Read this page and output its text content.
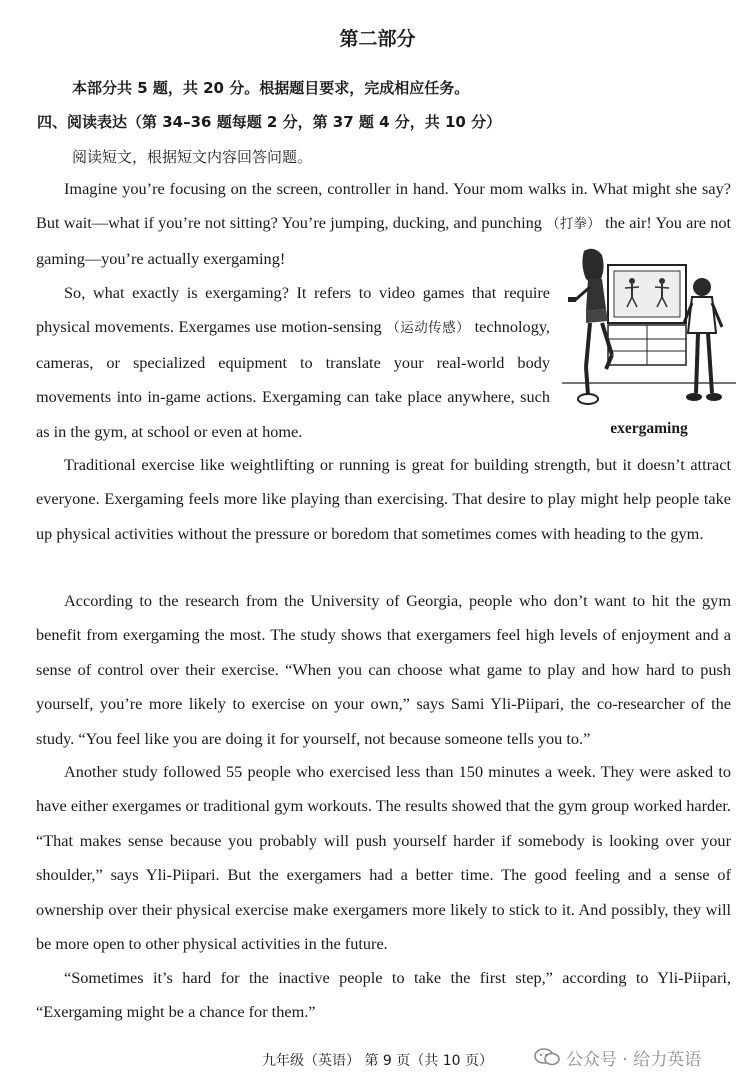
第二部分
本部分共 5 题，共 20 分。根据题目要求，完成相应任务。
四、阅读表达（第 34–36 题每题 2 分，第 37 题 4 分，共 10 分）
阅读短文，根据短文内容回答问题。

Imagine you’re focusing on the screen, controller in hand. Your mom walks in. What might she say? But wait—what if you’re not sitting? You’re jumping, ducking, and punching （打拳） the air! You are not gaming—you’re actually exergaming!

So, what exactly is exergaming? It refers to video games that require physical movements. Exergames use motion-sensing （运动传感） technology, cameras, or specialized equipment to translate your real-world body movements into in-game actions. Exergaming can take place anywhere, such as in the gym, at school or even at home.	exergaming

Traditional exercise like weightlifting or running is great for building strength, but it doesn’t attract everyone. Exergaming feels more like playing than exercising. That desire to play might help people take up physical activities without the pressure or boredom that sometimes comes with heading to the gym.

According to the research from the University of Georgia, people who don’t want to hit the gym benefit from exergaming the most. The study shows that exergamers feel high levels of enjoyment and a sense of control over their exercise. “When you can choose what game to play and how hard to push yourself, you’re more likely to exercise on your own,” says Sami Yli-Piipari, the co-researcher of the study. “You feel like you are doing it for yourself, not because someone tells you to.”

Another study followed 55 people who exercised less than 150 minutes a week. They were asked to have either exergames or traditional gym workouts. The results showed that the gym group worked harder. “That makes sense because you probably will push yourself harder if somebody is looking over your shoulder,” says Yli-Piipari. But the exergamers had a better time. The good feeling and a sense of ownership over their physical exercise make exergamers more likely to stick to it. And possibly, they will be more open to other physical activities in the future.

“Sometimes it’s hard for the inactive people to take the first step,” according to Yli-Piipari, “Exergaming might be a chance for them.”

九年级（英语） 第 9 页（共 10 页）	公众号 · 给力英语
